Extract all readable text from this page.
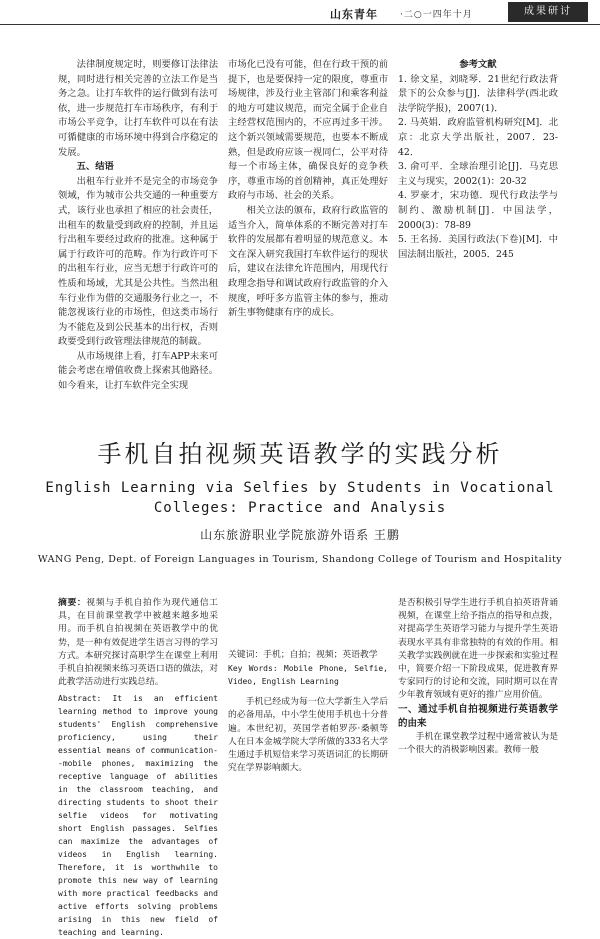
山东青年 ·二○一四年十月	成果研讨

法律制度规定时，则要修订法律法规，同时进行相关完善的立法工作是当务之急。让打车软件的运行做到有法可依，进一步规范打车市场秩序，有利于市场公平竞争，让打车软件可以在有法可循健康的市场环境中得到合序稳定的发展。

五、结语

出租车行业并不是完全的市场竞争领域，作为城市公共交通的一种重要方式，该行业也承担了相应的社会责任，出租车的数量受到政府的控制，并且运行出租车要经过政府的批准。这种属于属于行政许可的范畴。作为行政许可下的出租车行业，应当无想于行政许可的性质和场域，尤其是公共性。当然出租车行业作为借的交通服务行业之一，不能忽视该行业的市场性，但这类市场行为不能危及到公民基本的出行权，否则政要受到行政管理法律规范的制裁。

从市场规律上看，打车APP未来可能会考虑在增值收费上探索其他路径。 如今看来，让打车软件完全实现

市场化已没有可能，但在行政干预的前提下，也是要保持一定的限度，尊重市场规律，涉及行业主管部门和乘客利益的地方可建议规范，而完全属于企业自主经营权范围内的，不应再过多干涉。这个新兴领域需要规范，也要本不断成熟，但是政府应该一视同仁，公平对待每一个市场主体，确保良好的竞争秩序，尊重市场的首创精神，真正处理好政府与市场、社会的关系。

相关立法的颁布，政府行政监管的适当介入，简单体系的不断完善对打车软件的发展都有着明显的规范意义。本文在深入研究我国打车软件运行的现状后，建议在法律允许范围内，用现代行政理念指导和调试政府行政监管的介入规度，呼吁多方监管主体的参与，推动新生事物健康有序的成长。

参考文献

1. 徐文星，刘晓琴．21世纪行政法背景下的公众参与[J]．法律科学(西北政法学院学报)，2007(1)．

2. 马英娟．政府监管机构研究[M]．北京：北京大学出版社，2007．23-42．

3. 俞可平．全球治理引论[J]．马克思主义与现实，2002(1)：20-32

4. 罗豪才，宋功德．现代行政法学与制约、激励机制[J]．中国法学，2000(3)：78-89

5. 王名扬．美国行政法(下卷)[M]．中国法制出版社，2005．245

手机自拍视频英语教学的实践分析

English Learning via Selfies by Students in Vocational Colleges: Practice and Analysis

山东旅游职业学院旅游外语系 王鹏
WANG Peng, Dept. of Foreign Languages in Tourism, Shandong College of Tourism and Hospitality

摘要：视频与手机自拍作为现代通信工具，在目前课堂教学中被越来越多地采用。而手机自拍视频在英语教学中的优势，是一种有效促进学生语言习得的学习方式。本研究探讨高职学生在课堂上利用手机自拍视频来练习英语口语的做法，对此教学活动进行实践总结。

Abstract: It is an efficient learning method to improve young students' English comprehensive proficiency, using their essential means of communication--mobile phones, maximizing the receptive language of abilities in the classroom teaching, and directing students to shoot their selfie videos for motivating short English passages. Selfies can maximize the advantages of videos in English learning. Therefore, it is worthwhile to promote this new way of learning with more practical feedbacks and active efforts solving problems arising in this new field of teaching and learning.

关键词：手机；自拍；视频；英语教学

Key Words: Mobile Phone, Selfie, Video, English Learning

手机已经成为每一位大学新生入学后的必备用品，中小学生使用手机也十分普遍。本世纪初，英国学者帕罗莎·桑顿等人在日本金城学院大学所做的333名大学生通过手机短信来学习英语词汇的长期研究在学界影响颇大。

是否积极引导学生进行手机自拍英语背诵视频，在课堂上给予指点的指导和点拨，对提高学生英语学习能力与提升学生英语表现水平具有非常独特的有效的作用。相关教学实践例就在进一步探索和实验过程中，简要介绍一下阶段成果，促进教育界专家同行的讨论和交流，同时期可以在青少年教育领域有更好的推广应用价值。

一、通过手机自拍视频进行英语教学的由来

手机在课堂教学过程中通常被认为是一个很大的消极影响因素。教师一般
